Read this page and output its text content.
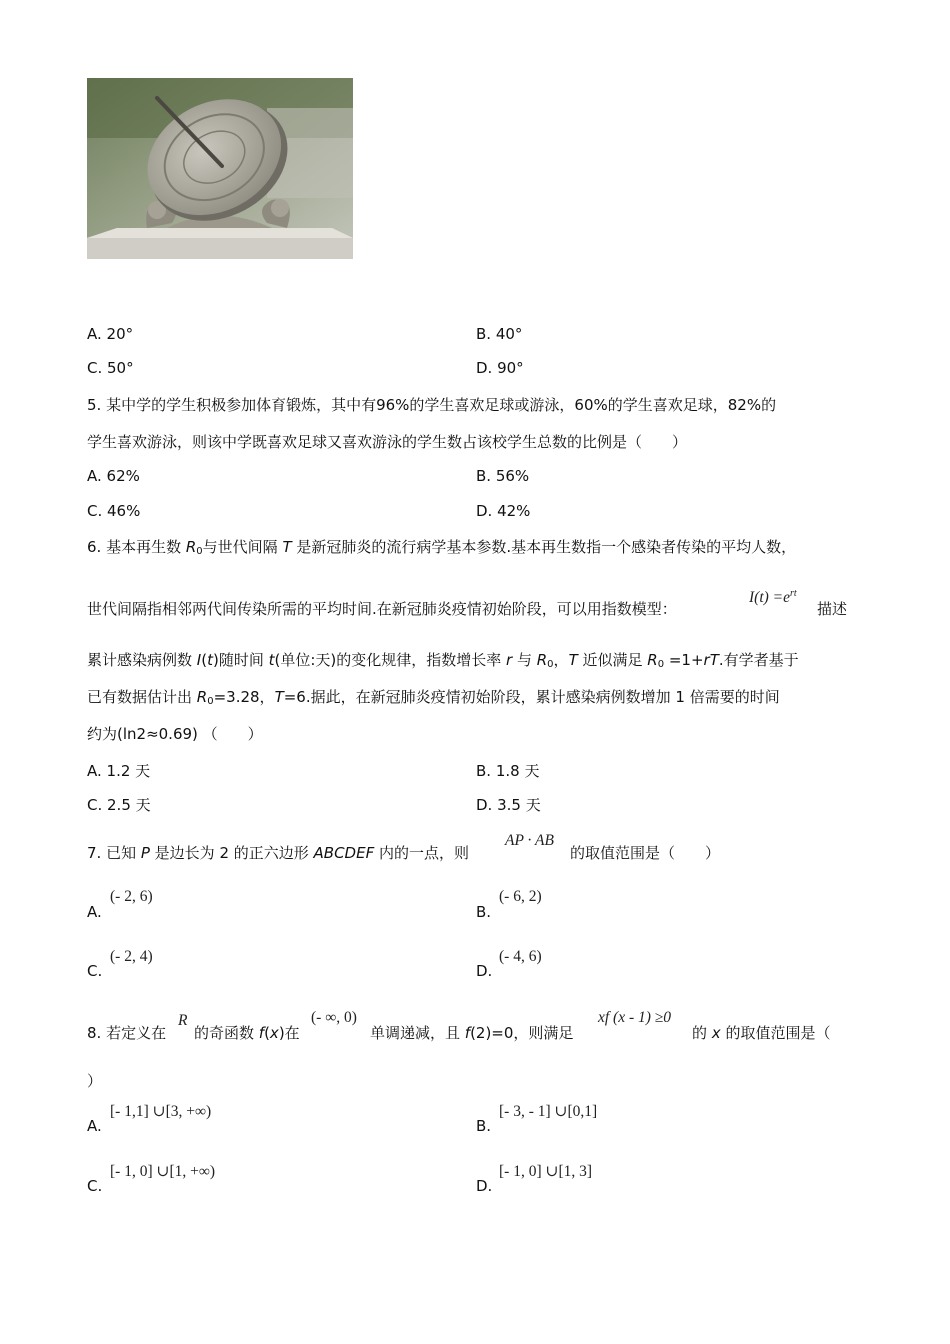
A. 20°	B. 40°
C. 50°	D. 90°
5. 某中学的学生积极参加体育锻炼，其中有96%的学生喜欢足球或游泳，60%的学生喜欢足球，82%的
学生喜欢游泳，则该中学既喜欢足球又喜欢游泳的学生数占该校学生总数的比例是（　　）
A. 62%	B. 56%
C. 46%	D. 42%
6. 基本再生数 $R_0$与世代间隔 T 是新冠肺炎的流行病学基本参数.基本再生数指一个感染者传染的平均人数，
世代间隔指相邻两代间传染所需的平均时间.在新冠肺炎疫情初始阶段，可以用指数模型：
$I(t) =e^{rt}$
描述
累计感染病例数 I(t)随时间 t(单位:天)的变化规律，指数增长率 r 与 $R_0$，T 近似满足 $R_0 =1+rT$.有学者基于
已有数据估计出 $R_0=3.28$，T=6.据此，在新冠肺炎疫情初始阶段，累计感染病例数增加 1 倍需要的时间
约为(ln2≈0.69) （　　）
A. 1.2 天	B. 1.8 天
C. 2.5 天	D. 3.5 天
7. 已知 P 是边长为 2 的正六边形 ABCDEF 内的一点，则
AP · AB
的取值范围是（　　）
A.
(- 2, 6)
B.
(- 6, 2)
C.
(- 2, 4)
D.
(- 4, 6)
8. 若定义在
R
的奇函数 f(x)在
(- ∞, 0)
单调递减，且 f(2)=0，则满足
xf (x - 1) ≥0
的 x 的取值范围是（
）
A.
[- 1,1] ∪[3, +∞)
B.
[- 3, - 1] ∪[0,1]
C.
[- 1, 0] ∪[1, +∞)
D.
[- 1, 0] ∪[1, 3]
